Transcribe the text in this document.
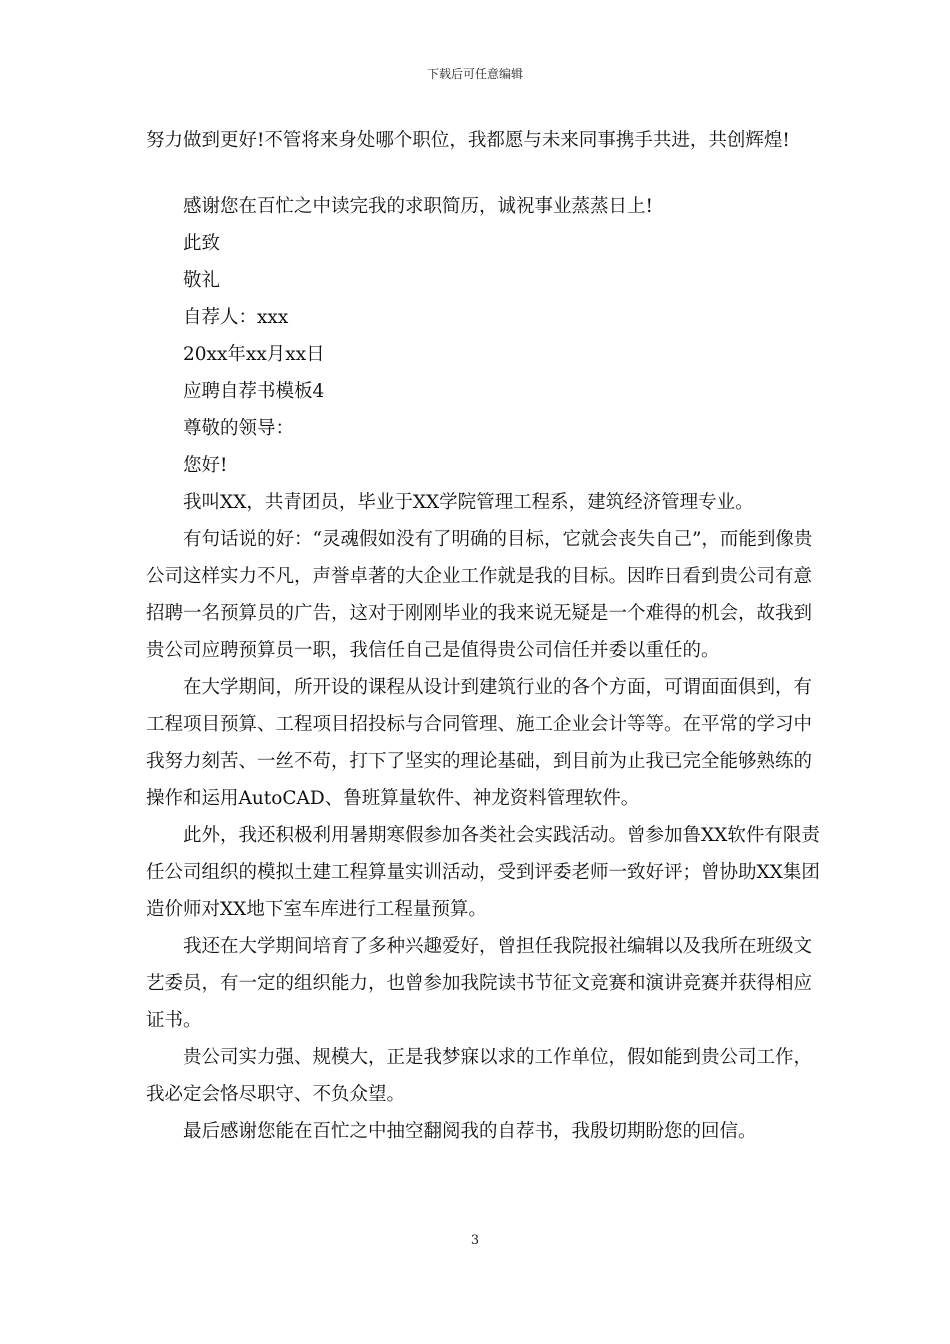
下载后可任意编辑

努力做到更好!不管将来身处哪个职位，我都愿与未来同事携手共进，共创辉煌!

感谢您在百忙之中读完我的求职简历，诚祝事业蒸蒸日上!

此致

敬礼

自荐人：xxx

20xx年xx月xx日

应聘自荐书模板4

尊敬的领导：

您好!

我叫XX，共青团员，毕业于XX学院管理工程系，建筑经济管理专业。

有句话说的好：“灵魂假如没有了明确的目标，它就会丧失自己”，而能到像贵公司这样实力不凡，声誉卓著的大企业工作就是我的目标。因昨日看到贵公司有意招聘一名预算员的广告，这对于刚刚毕业的我来说无疑是一个难得的机会，故我到贵公司应聘预算员一职，我信任自己是值得贵公司信任并委以重任的。

在大学期间，所开设的课程从设计到建筑行业的各个方面，可谓面面俱到，有工程项目预算、工程项目招投标与合同管理、施工企业会计等等。在平常的学习中我努力刻苦、一丝不苟，打下了坚实的理论基础，到目前为止我已完全能够熟练的操作和运用AutoCAD、鲁班算量软件、神龙资料管理软件。

此外，我还积极利用暑期寒假参加各类社会实践活动。曾参加鲁XX软件有限责任公司组织的模拟土建工程算量实训活动，受到评委老师一致好评；曾协助XX集团造价师对XX地下室车库进行工程量预算。

我还在大学期间培育了多种兴趣爱好，曾担任我院报社编辑以及我所在班级文艺委员，有一定的组织能力，也曾参加我院读书节征文竞赛和演讲竞赛并获得相应证书。

贵公司实力强、规模大，正是我梦寐以求的工作单位，假如能到贵公司工作，我必定会恪尽职守、不负众望。

最后感谢您能在百忙之中抽空翻阅我的自荐书，我殷切期盼您的回信。

3
